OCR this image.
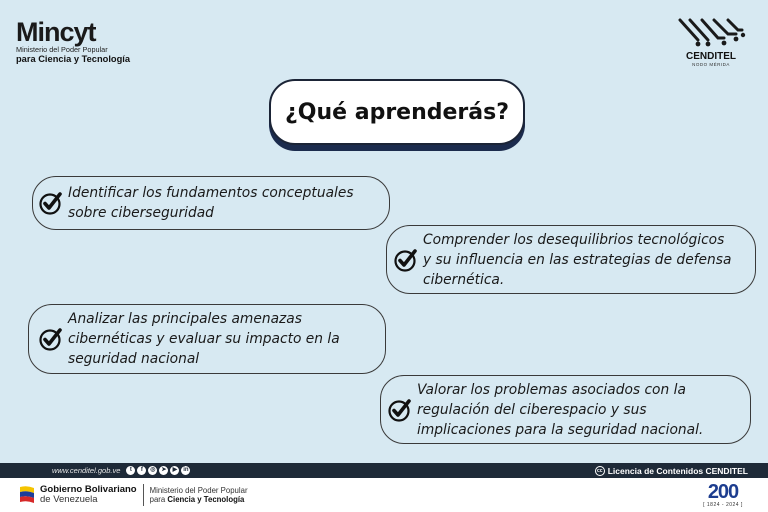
Mincyt
Ministerio del Poder Popular
para Ciencia y Tecnología	CENDITEL
NODO MÉRIDA
¿Qué aprenderás?
Identificar los fundamentos conceptuales
sobre ciberseguridad
Comprender los desequilibrios tecnológicos
y su influencia en las estrategias de defensa
cibernética.
Analizar las principales amenazas
cibernéticas y evaluar su impacto en la
seguridad nacional
Valorar los problemas asociados con la
regulación del ciberespacio y sus
implicaciones para la seguridad nacional.
www.cenditel.gob.ve	t	f	◎ ➤	▶	in	cc Licencia de Contenidos CENDITEL
Gobierno Bolivariano
de Venezuela
Ministerio del Poder Popular
para Ciencia y Tecnología	200
[ 1824 - 2024 ]
